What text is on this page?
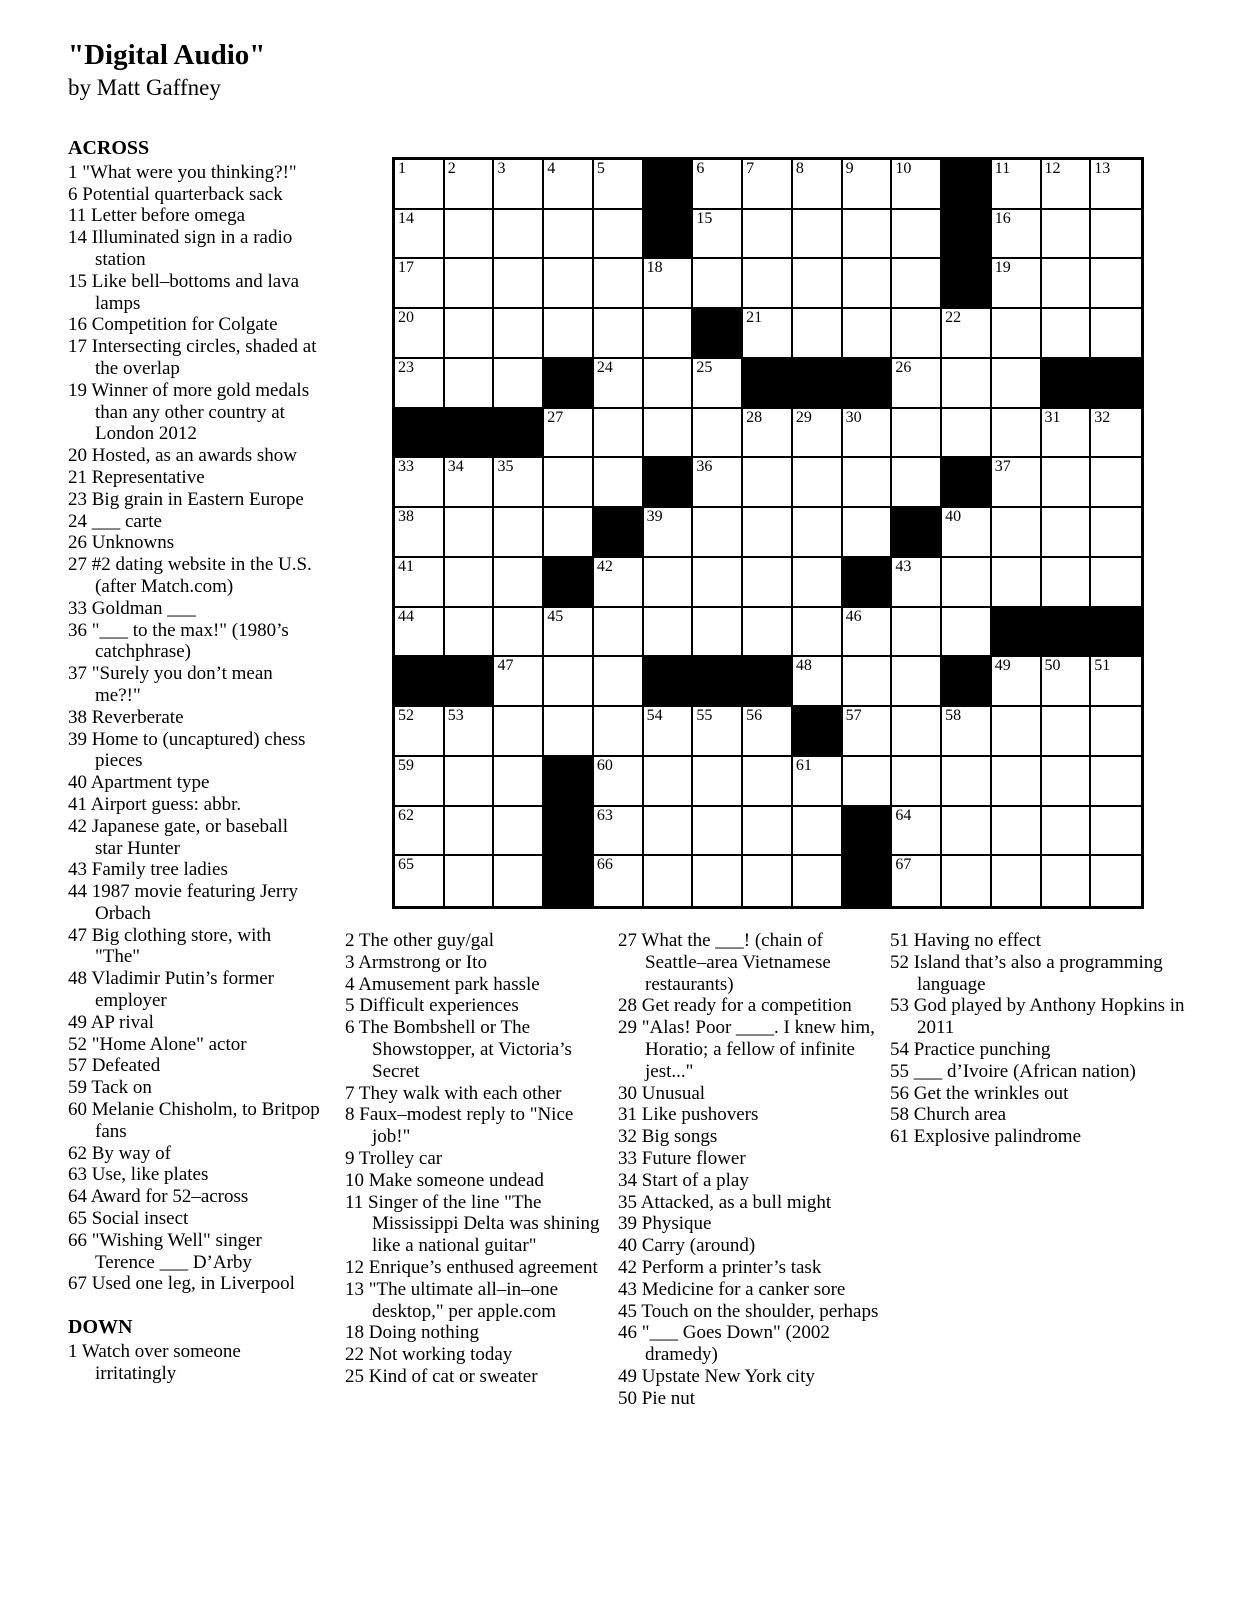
"Digital Audio"
by Matt Gaffney
ACROSS
1 "What were you thinking?!"
6 Potential quarterback sack
11 Letter before omega
14 Illuminated sign in a radio station
15 Like bell–bottoms and lava lamps
16 Competition for Colgate
17 Intersecting circles, shaded at the overlap
19 Winner of more gold medals than any other country at London 2012
20 Hosted, as an awards show
21 Representative
23 Big grain in Eastern Europe
24 ___ carte
26 Unknowns
27 #2 dating website in the U.S. (after Match.com)
33 Goldman ___
36 "___ to the max!" (1980’s catchphrase)
37 "Surely you don’t mean me?!"
38 Reverberate
39 Home to (uncaptured) chess pieces
40 Apartment type
41 Airport guess: abbr.
42 Japanese gate, or baseball star Hunter
43 Family tree ladies
44 1987 movie featuring Jerry Orbach
47 Big clothing store, with "The"
48 Vladimir Putin’s former employer
49 AP rival
52 "Home Alone" actor
57 Defeated
59 Tack on
60 Melanie Chisholm, to Britpop fans
62 By way of
63 Use, like plates
64 Award for 52–across
65 Social insect
66 "Wishing Well" singer Terence ___ D’Arby
67 Used one leg, in Liverpool
DOWN
1 Watch over someone irritatingly
1	2	3	4	5	6	7	8	9	10	11 12 13
14	15	16
17	18	19
20	21	22
23	24	25	26
27	28 29 30	31 32
33 34 35	36	37
38	39	40
41	42	43
44	45	46
47	48	49 50 51
52 53	54 55 56	57	58
59	60	61
62	63	64
65	66	67
2 The other guy/gal
3 Armstrong or Ito
4 Amusement park hassle
5 Difficult experiences
6 The Bombshell or The Showstopper, at Victoria’s Secret
7 They walk with each other
8 Faux–modest reply to "Nice job!"
9 Trolley car
10 Make someone undead
11 Singer of the line "The Mississippi Delta was shining like a national guitar"
12 Enrique’s enthused agreement
13 "The ultimate all–in–one desktop," per apple.com
18 Doing nothing
22 Not working today
25 Kind of cat or sweater
27 What the ___! (chain of Seattle–area Vietnamese restaurants)
28 Get ready for a competition
29 "Alas! Poor ____. I knew him, Horatio; a fellow of infinite jest..."
30 Unusual
31 Like pushovers
32 Big songs
33 Future flower
34 Start of a play
35 Attacked, as a bull might
39 Physique
40 Carry (around)
42 Perform a printer’s task
43 Medicine for a canker sore
45 Touch on the shoulder, perhaps
46 "___ Goes Down" (2002 dramedy)
49 Upstate New York city
50 Pie nut
51 Having no effect
52 Island that’s also a programming language
53 God played by Anthony Hopkins in 2011
54 Practice punching
55 ___ d’Ivoire (African nation)
56 Get the wrinkles out
58 Church area
61 Explosive palindrome
